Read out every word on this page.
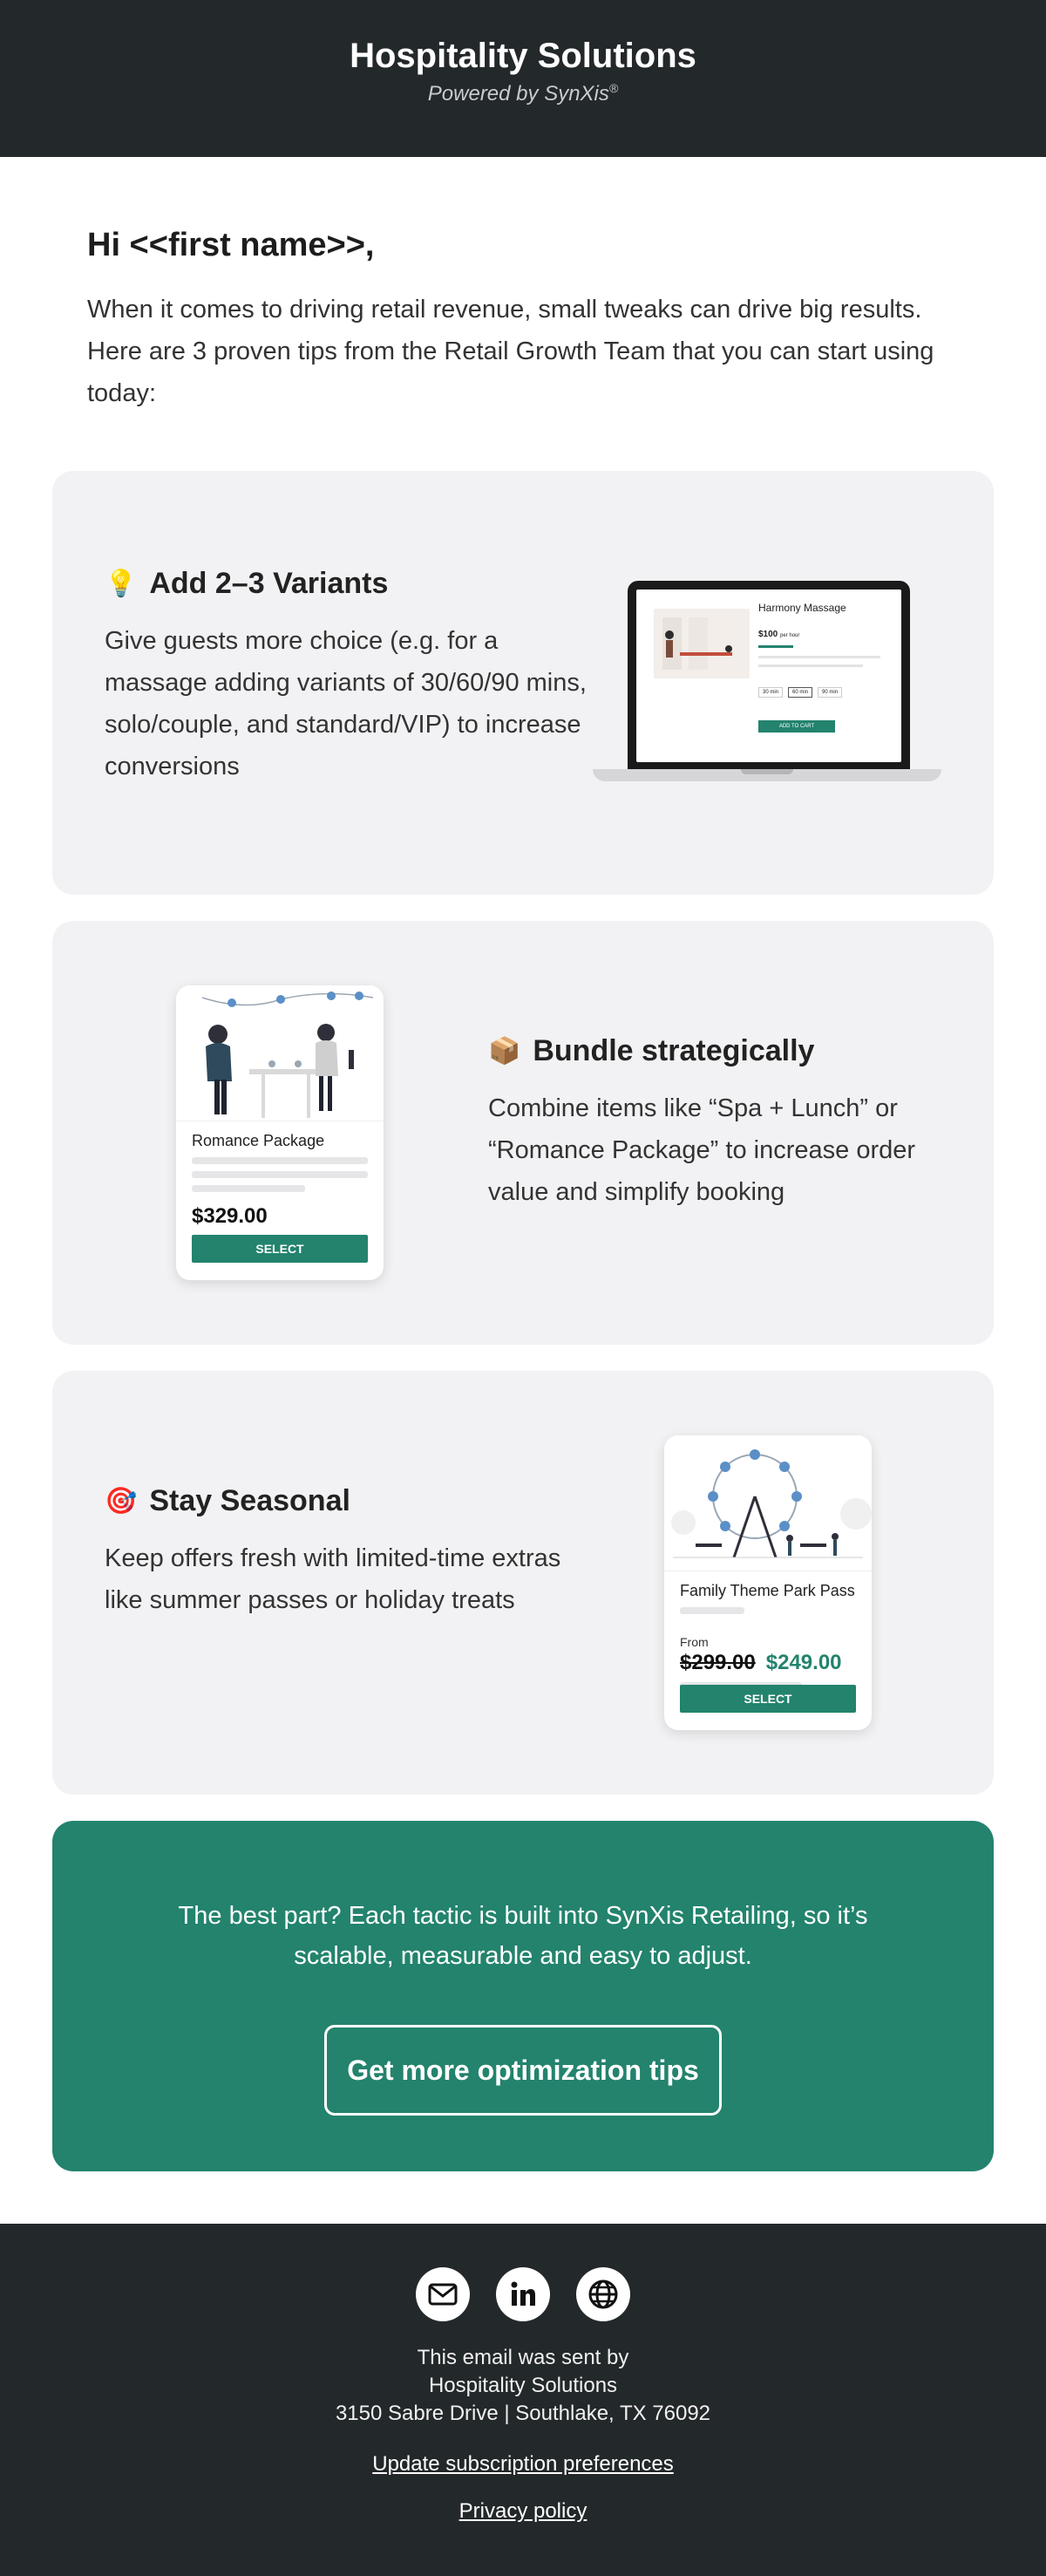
Hospitality Solutions
Powered by SynXis®
Hi <<first name>>,

When it comes to driving retail revenue, small tweaks can drive big results. Here are 3 proven tips from the Retail Growth Team that you can start using today:

💡 Add 2–3 Variants

Give guests more choice (e.g. for a massage adding variants of 30/60/90 mins, solo/couple, and standard/VIP) to increase conversions

Harmony Massage
$100 per hour
30 min	60 min	90 min
ADD TO CART
Romance Package
$329.00
SELECT
📦 Bundle strategically

Combine items like “Spa + Lunch” or “Romance Package” to increase order value and simplify booking

🎯 Stay Seasonal

Keep offers fresh with limited-time extras like summer passes or holiday treats	Family Theme Park Pass
From
$299.00 $249.00
SELECT

The best part? Each tactic is built into SynXis Retailing, so it’s scalable, measurable and easy to adjust.

Get more optimization tips
This email was sent by
Hospitality Solutions
3150 Sabre Drive | Southlake, TX 76092
Update subscription preferences
Privacy policy
